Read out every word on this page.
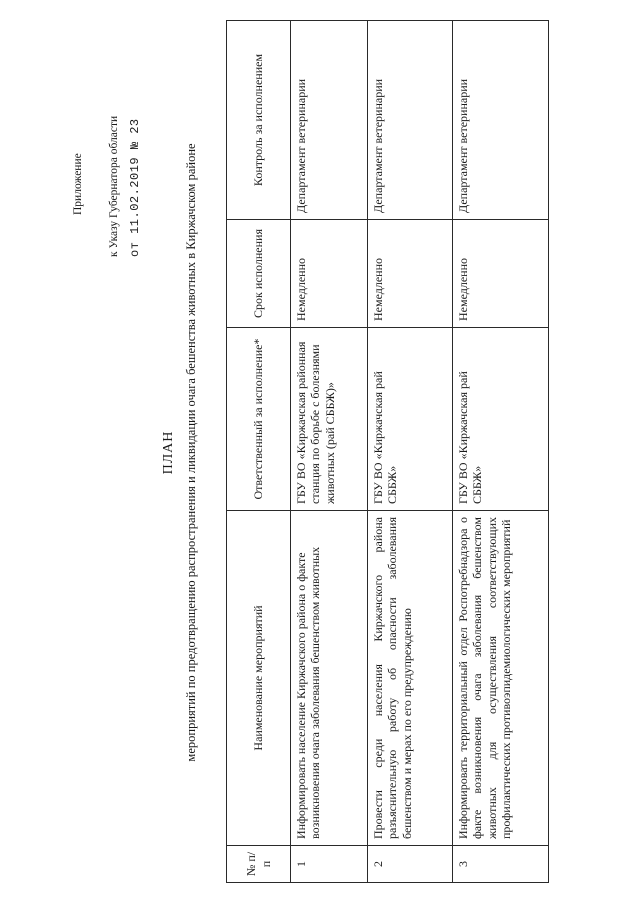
Приложение к Указу Губернатора области от 11.02.2019 № 23
ПЛАН мероприятий по предотвращению распространения и ликвидации очага бешенства животных в Киржачском районе
№ п/п	Наименование мероприятий	Ответственный за исполнение*	Срок исполнения	Контроль за исполнением
1	Информировать население Киржачского района о факте возникновения очага заболевания бешенством животных	ГБУ ВО «Киржачская районная станция по борьбе с болезнями животных (рай СББЖ)»	Немедленно	Департамент ветеринарии
2	Провести среди населения Киржачского района разъяснительную работу об опасности заболевания бешенством и мерах по его предупреждению	ГБУ ВО «Киржачская рай СББЖ»	Немедленно	Департамент ветеринарии
3	Информировать территориальный отдел Роспотребнадзора о факте возникновения очага заболевания бешенством животных для осуществления соответствующих профилактических противоэпидемиологических мероприятий	ГБУ ВО «Киржачская рай СББЖ»	Немедленно	Департамент ветеринарии
